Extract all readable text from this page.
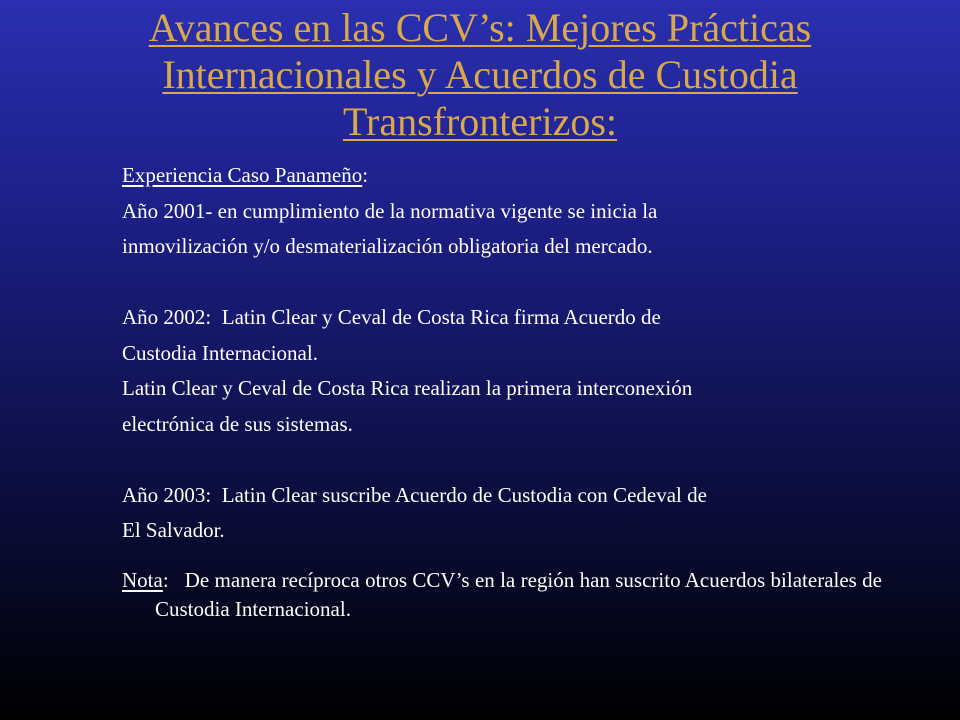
Avances en las CCV’s: Mejores Prácticas
Internacionales y Acuerdos de Custodia
Transfronterizos:

Experiencia Caso Panameño:

Año 2001- en cumplimiento de la normativa vigente se inicia la

inmovilización y/o desmaterialización obligatoria del mercado.

Año 2002:  Latin Clear y Ceval de Costa Rica firma Acuerdo de

Custodia Internacional.

Latin Clear y Ceval de Costa Rica realizan la primera interconexión

electrónica de sus sistemas.

Año 2003:  Latin Clear suscribe Acuerdo de Custodia con Cedeval de

El Salvador.

Nota: De manera recíproca otros CCV’s en la región han suscrito Acuerdos bilaterales de Custodia Internacional.
